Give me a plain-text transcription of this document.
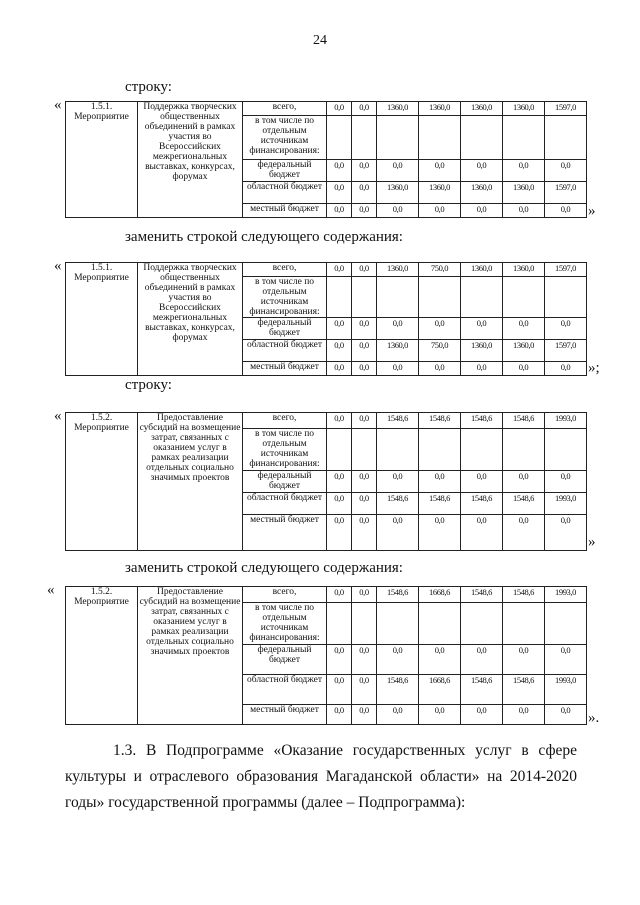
24
строку:
«	1.5.1.
Мероприятие	Поддержка творческих общественных объединений в рамках участия во Всероссийских межрегиональных выставках, конкурсах, форумах	всего,	0,0	0,0	1360,0	1360,0	1360,0	1360,0	1597,0
		в том числе по отдельным источникам финансирования:							
		федеральный бюджет	0,0	0,0	0,0	0,0	0,0	0,0	0,0
		областной бюджет	0,0	0,0	1360,0	1360,0	1360,0	1360,0	1597,0
		местный бюджет	0,0	0,0	0,0	0,0	0,0	0,0	0,0 »
заменить строкой следующего содержания:
«	1.5.1.
Мероприятие	Поддержка творческих общественных объединений в рамках участия во Всероссийских межрегиональных выставках, конкурсах, форумах	всего,	0,0	0,0	1360,0	750,0	1360,0	1360,0	1597,0
		в том числе по отдельным источникам финансирования:							
		федеральный бюджет	0,0	0,0	0,0	0,0	0,0	0,0	0,0
		областной бюджет	0,0	0,0	1360,0	750,0	1360,0	1360,0	1597,0
		местный бюджет	0,0	0,0	0,0	0,0	0,0	0,0	0,0 »;
строку:
«	1.5.2.
Мероприятие	Предоставление субсидий на возмещение затрат, связанных с оказанием услуг в рамках реализации отдельных социально значимых проектов	всего,	0,0	0,0	1548,6	1548,6	1548,6	1548,6	1993,0
		в том числе по отдельным источникам финансирования:							
		федеральный бюджет	0,0	0,0	0,0	0,0	0,0	0,0	0,0
		областной бюджет	0,0	0,0	1548,6	1548,6	1548,6	1548,6	1993,0
		местный бюджет	0,0	0,0	0,0	0,0	0,0	0,0	0,0
»
заменить строкой следующего содержания:
«	1.5.2.
Мероприятие	Предоставление субсидий на возмещение затрат, связанных с оказанием услуг в рамках реализации отдельных социально значимых проектов	всего,	0,0	0,0	1548,6	1668,6	1548,6	1548,6	1993,0
		в том числе по отдельным источникам финансирования:							
		федеральный бюджет	0,0	0,0	0,0	0,0	0,0	0,0	0,0
		областной бюджет	0,0	0,0	1548,6	1668,6	1548,6	1548,6	1993,0
		местный бюджет	0,0	0,0	0,0	0,0	0,0	0,0	0,0 ».
1.3. В Подпрограмме «Оказание государственных услуг в сфере культуры и отраслевого образования Магаданской области» на 2014-2020 годы» государственной программы (далее – Подпрограмма):
